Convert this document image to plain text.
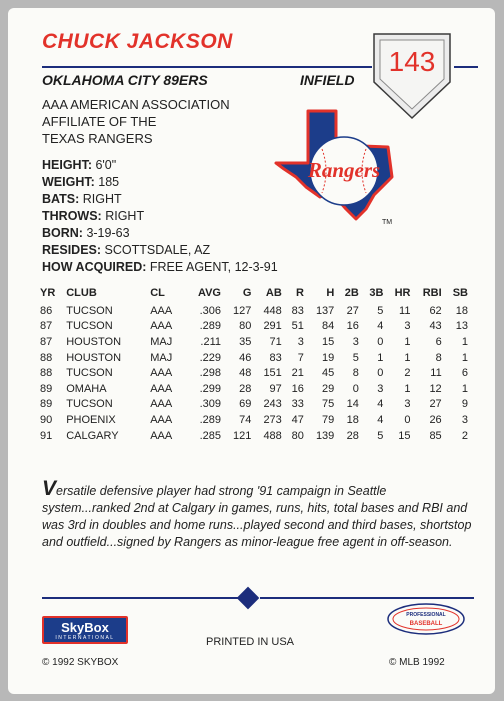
CHUCK JACKSON
143
OKLAHOMA CITY 89ERS	INFIELD
AAA AMERICAN ASSOCIATION
AFFILIATE OF THE
TEXAS RANGERS
Rangers
TM
HEIGHT: 6'0"
WEIGHT: 185
BATS: RIGHT
THROWS: RIGHT
BORN: 3-19-63
RESIDES: SCOTTSDALE, AZ
HOW ACQUIRED: FREE AGENT, 12-3-91
YR	CLUB	CL	AVG	G	AB	R	H	2B	3B	HR	RBI	SB
86	TUCSON	AAA	.306	127	448	83	137	27	5	11	62	18
87	TUCSON	AAA	.289	80	291	51	84	16	4	3	43	13
87	HOUSTON	MAJ	.211	35	71	3	15	3	0	1	6	1
88	HOUSTON	MAJ	.229	46	83	7	19	5	1	1	8	1
88	TUCSON	AAA	.298	48	151	21	45	8	0	2	11	6
89	OMAHA	AAA	.299	28	97	16	29	0	3	1	12	1
89	TUCSON	AAA	.309	69	243	33	75	14	4	3	27	9
90	PHOENIX	AAA	.289	74	273	47	79	18	4	0	26	3
91	CALGARY	AAA	.285	121	488	80	139	28	5	15	85	2
Versatile defensive player had strong '91 campaign in Seattle system...ranked 2nd at Calgary in games, runs, hits, total bases and RBI and was 3rd in doubles and home runs...played second and third bases, shortstop and outfield...signed by Rangers as minor-league free agent in off-season.
SkyBox
INTERNATIONAL	PRINTED IN USA
PROFESSIONAL
BASEBALL
© 1992 SKYBOX	© MLB 1992
